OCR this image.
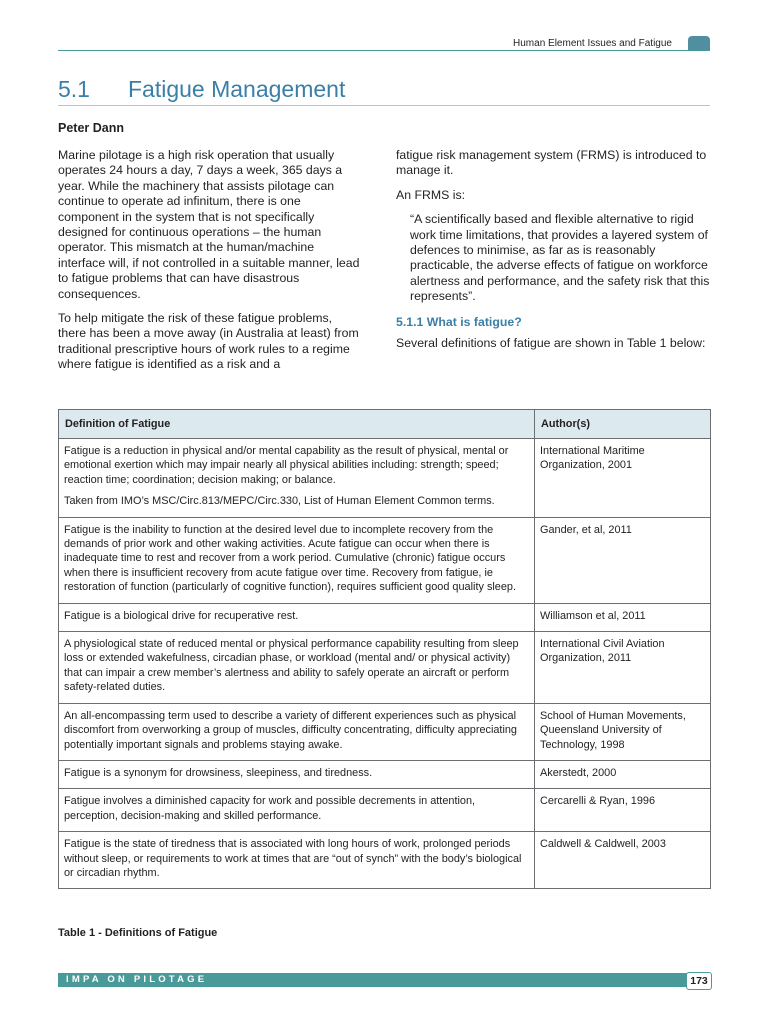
Human Element Issues and Fatigue
5.1 Fatigue Management
Peter Dann

Marine pilotage is a high risk operation that usually operates 24 hours a day, 7 days a week, 365 days a year. While the machinery that assists pilotage can continue to operate ad infinitum, there is one component in the system that is not specifically designed for continuous operations – the human operator. This mismatch at the human/machine interface will, if not controlled in a suitable manner, lead to fatigue problems that can have disastrous consequences.

To help mitigate the risk of these fatigue problems, there has been a move away (in Australia at least) from traditional prescriptive hours of work rules to a regime where fatigue is identified as a risk and a

fatigue risk management system (FRMS) is introduced to manage it.

An FRMS is:

“A scientifically based and flexible alternative to rigid work time limitations, that provides a layered system of defences to minimise, as far as is reasonably practicable, the adverse effects of fatigue on workforce alertness and performance, and the safety risk that this represents”.

5.1.1 What is fatigue?

Several definitions of fatigue are shown in Table 1 below:

Definition of Fatigue	Author(s)

Fatigue is a reduction in physical and/or mental capability as the result of physical, mental or emotional exertion which may impair nearly all physical abilities including: strength; speed; reaction time; coordination; decision making; or balance.

Taken from IMO’s MSC/Circ.813/MEPC/Circ.330, List of Human Element Common terms.	International Maritime Organization, 2001
Fatigue is the inability to function at the desired level due to incomplete recovery from the demands of prior work and other waking activities. Acute fatigue can occur when there is inadequate time to rest and recover from a work period. Cumulative (chronic) fatigue occurs when there is insufficient recovery from acute fatigue over time. Recovery from fatigue, ie restoration of function (particularly of cognitive function), requires sufficient good quality sleep.	Gander, et al, 2011
Fatigue is a biological drive for recuperative rest.	Williamson et al, 2011
A physiological state of reduced mental or physical performance capability resulting from sleep loss or extended wakefulness, circadian phase, or workload (mental and/ or physical activity) that can impair a crew member’s alertness and ability to safely operate an aircraft or perform safety-related duties.	International Civil Aviation Organization, 2011
An all-encompassing term used to describe a variety of different experiences such as physical discomfort from overworking a group of muscles, difficulty concentrating, difficulty appreciating potentially important signals and problems staying awake.	School of Human Movements, Queensland University of Technology, 1998
Fatigue is a synonym for drowsiness, sleepiness, and tiredness.	Akerstedt, 2000
Fatigue involves a diminished capacity for work and possible decrements in attention, perception, decision-making and skilled performance.	Cercarelli & Ryan, 1996
Fatigue is the state of tiredness that is associated with long hours of work, prolonged periods without sleep, or requirements to work at times that are “out of synch” with the body’s biological or circadian rhythm.	Caldwell & Caldwell, 2003
Table 1 - Definitions of Fatigue
IMPA ON PILOTAGE	173
